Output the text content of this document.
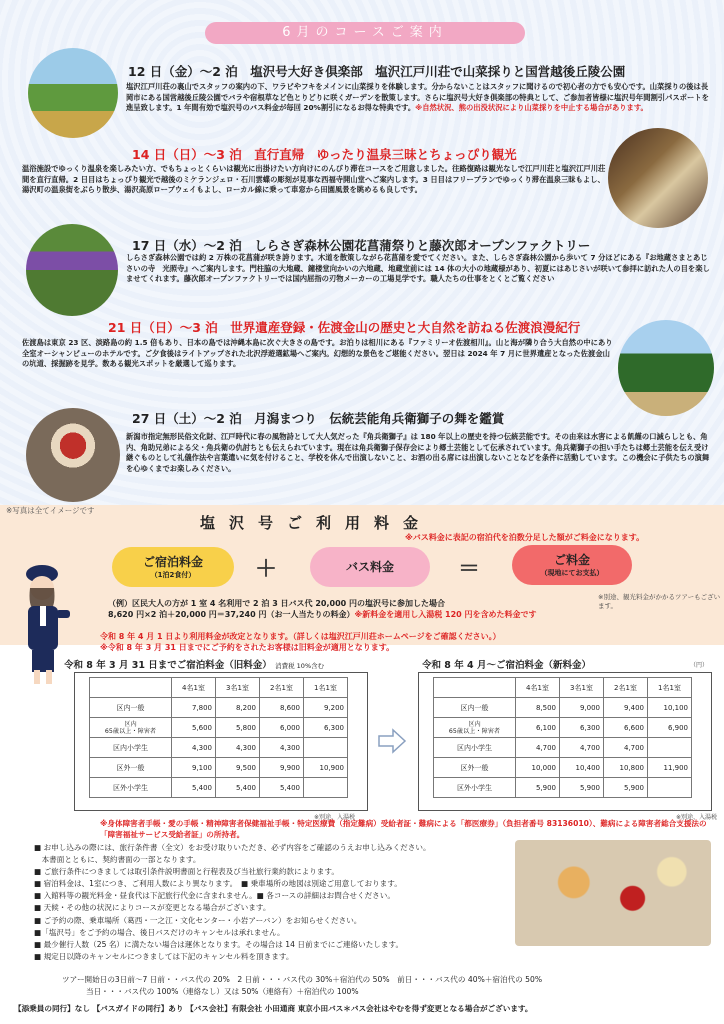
6月のコースご案内
12 日（金）～2 泊　塩沢号大好き倶楽部　塩沢江戸川荘で山菜採りと国営越後丘陵公園
塩沢江戸川荘の裏山でスタッフの案内の下、ワラビやフキをメインに山菜採りを体験します。分からないことはスタッフに聞けるので初心者の方でも安心です。山菜採りの後は長岡市にある国営越後丘陵公園でバラや宿根草など色とりどりに咲くガーデンを散策します。さらに塩沢号大好き倶楽部の特典として、ご参加者皆様に塩沢号年間割引パスポートを進呈致します。1 年間有効で塩沢号のバス料金が毎回 20%割引になるお得な特典です。※自然状況、熊の出没状況により山菜採りを中止する場合があります。
14 日（日）～3 泊　直行直帰　ゆったり温泉三昧とちょっぴり観光
温浴施設でゆっくり温泉を楽しみたい方、でもちょっとくらいは観光に出掛けたい方向けにのんびり滞在コースをご用意しました。往路復路は観光なしで江戸川荘と塩沢江戸川荘間を直行直帰。2 日目はちょっぴり観光で越後のミケランジェロ・石川雲蝶の彫刻が見事な西福寺開山堂へご案内します。3 日目はフリープランでゆっくり滞在温泉三昧もよし、湯沢町の温泉街をぶらり散歩、湯沢高原ロープウェイもよし、ローカル線に乗って車窓から田園風景を眺めるも良しです。
17 日（水）～2 泊　しらさぎ森林公園花菖蒲祭りと藤次郎オープンファクトリー
しらさぎ森林公園では約 2 万株の花菖蒲が咲き誇ります。木道を散策しながら花菖蒲を愛でてください。また、しらさぎ森林公園から歩いて 7 分ほどにある『お地蔵さまとあじさいの寺　光照寺』へご案内します。門柱脇の大地蔵、鐘楼堂向かいの六地蔵、地蔵堂前には 14 体の大小の地蔵様があり、初夏にはあじさいが咲いて参拝に訪れた人の目を楽しませてくれます。藤次郎オープンファクトリーでは国内屈指の刃物メーカーの工場見学です。職人たちの仕事をとくとご覧ください
21 日（日）～3 泊　世界遺産登録・佐渡金山の歴史と大自然を訪ねる佐渡浪漫紀行
佐渡島は東京 23 区、淡路島の約 1.5 倍もあり、日本の島では沖縄本島に次ぐ大きさの島です。お泊りは相川にある『ファミリーオ佐渡相川』。山と海が隣り合う大自然の中にあり全室オーシャンビューのホテルです。ご夕食後はライトアップされた北沢浮遊選鉱場へご案内。幻想的な景色をご堪能ください。翌日は 2024 年 7 月に世界遺産となった佐渡金山の坑道、採掘跡を見学。数ある観光スポットを厳選して巡ります。
27 日（土）～2 泊　月潟まつり　伝統芸能角兵衛獅子の舞を鑑賞
新潟市指定無形民俗文化財、江戸時代に春の風物詩として大人気だった『角兵衛獅子』は 180 年以上の歴史を持つ伝統芸能です。その由来は水害による飢饉の口減らしとも、角内、角助兄弟による父・角兵衛の仇討ちとも伝えられています。現在は角兵衛獅子保存会により郷土芸能として伝承されています。角兵衛獅子の担い手たちは郷土芸能を伝え受け継ぐものとして礼儀作法や言葉遣いに気を付けること、学校を休んで出演しないこと、お酒の出る席には出演しないことなどを条件に活動しています。この機会に子供たちの演舞を心ゆくまでお楽しみください。
※写真は全てイメージです
塩沢号ご利用料金
※バス料金に表記の宿泊代を泊数分足した額がご料金になります。
ご宿泊料金
（1泊2食付）	＋	バス料金	＝	ご料金
（現地にてお支払）
※別途、観光料金がかかるツアーもございます。
（例）区民大人の方が 1 室 4 名利用で 2 泊 3 日バス代 20,000 円の塩沢号に参加した場合
8,620 円×2 泊＋20,000 円＝37,240 円（お一人当たりの料金）※新料金を適用し入湯税 120 円を含めた料金です
令和 8 年 4 月 1 日より利用料金が改定となります。（詳しくは塩沢江戸川荘ホームページをご確認ください。）
※令和 8 年 3 月 31 日までにご予約をされたお客様は旧料金が適用となります。
令和 8 年 3 月 31 日までご宿泊料金（旧料金） 消費税 10%含む	令和 8 年 4 月～ご宿泊料金（新料金）	（円）
	4名1室	3名1室	2名1室	1名1室
区内一般	7,800	8,200	8,600	9,200
区内
65歳以上・障害者	5,600	5,800	6,000	6,300
区内小学生	4,300	4,300	4,300	
区外一般	9,100	9,500	9,900	10,900
区外小学生	5,400	5,400	5,400	
	4名1室	3名1室	2名1室	1名1室
区内一般	8,500	9,000	9,400	10,100
区内
65歳以上・障害者	6,100	6,300	6,600	6,900
区内小学生	4,700	4,700	4,700	
区外一般	10,000	10,400	10,800	11,900
区外小学生	5,900	5,900	5,900	
※別途、入湯税	※別途、入湯税
※身体障害者手帳・愛の手帳・精神障害者保健福祉手帳・特定医療費（指定難病）受給者証・難病による「都医療券」（負担者番号 83136010）、難病による障害者総合支援法の「障害福祉サービス受給者証」の所持者。

■ お申し込みの際には、旅行条件書（全文）をお受け取りいただき、必ず内容をご確認のうえお申し込みください。

　本書面とともに、契約書面の一部となります。

■ ご旅行条件につきましては取引条件説明書面と行程表及び当社旅行業約款によります。

■ 宿泊料金は、1室につき、ご利用人数により異なります。　■ 乗車場所の地図は別途ご用意しております。

■ 入館料等の観光料金・昼食代は下記旅行代金に含まれません。■ 各コースの詳細はお問合せください。

■ 天候・その他の状況によりコースが変更となる場合がございます。

■ ご予約の際、乗車場所（葛西・一之江・文化センター・小岩アーバン）をお知らせください。

■「塩沢号」をご予約の場合、後日バスだけのキャンセルは承れません。

■ 最少催行人数（25 名）に満たない場合は運休となります。その場合は 14 日前までにご連絡いたします。

■ 規定日以降のキャンセルにつきましては下記のキャンセル料を頂きます。

ツアー開始日の3日前～7 日前・・バス代の 20%　2 日前・・・バス代の 30%＋宿泊代の 50%　前日・・・バス代の 40%＋宿泊代の 50%

当日・・・バス代の 100%（連絡なし）又は 50%（連絡有）＋宿泊代の 100%

【添乗員の同行】なし 【バスガイドの同行】あり 【バス会社】有限会社 小田通商 東京小田バス＊バス会社はやむを得ず変更となる場合がございます。
